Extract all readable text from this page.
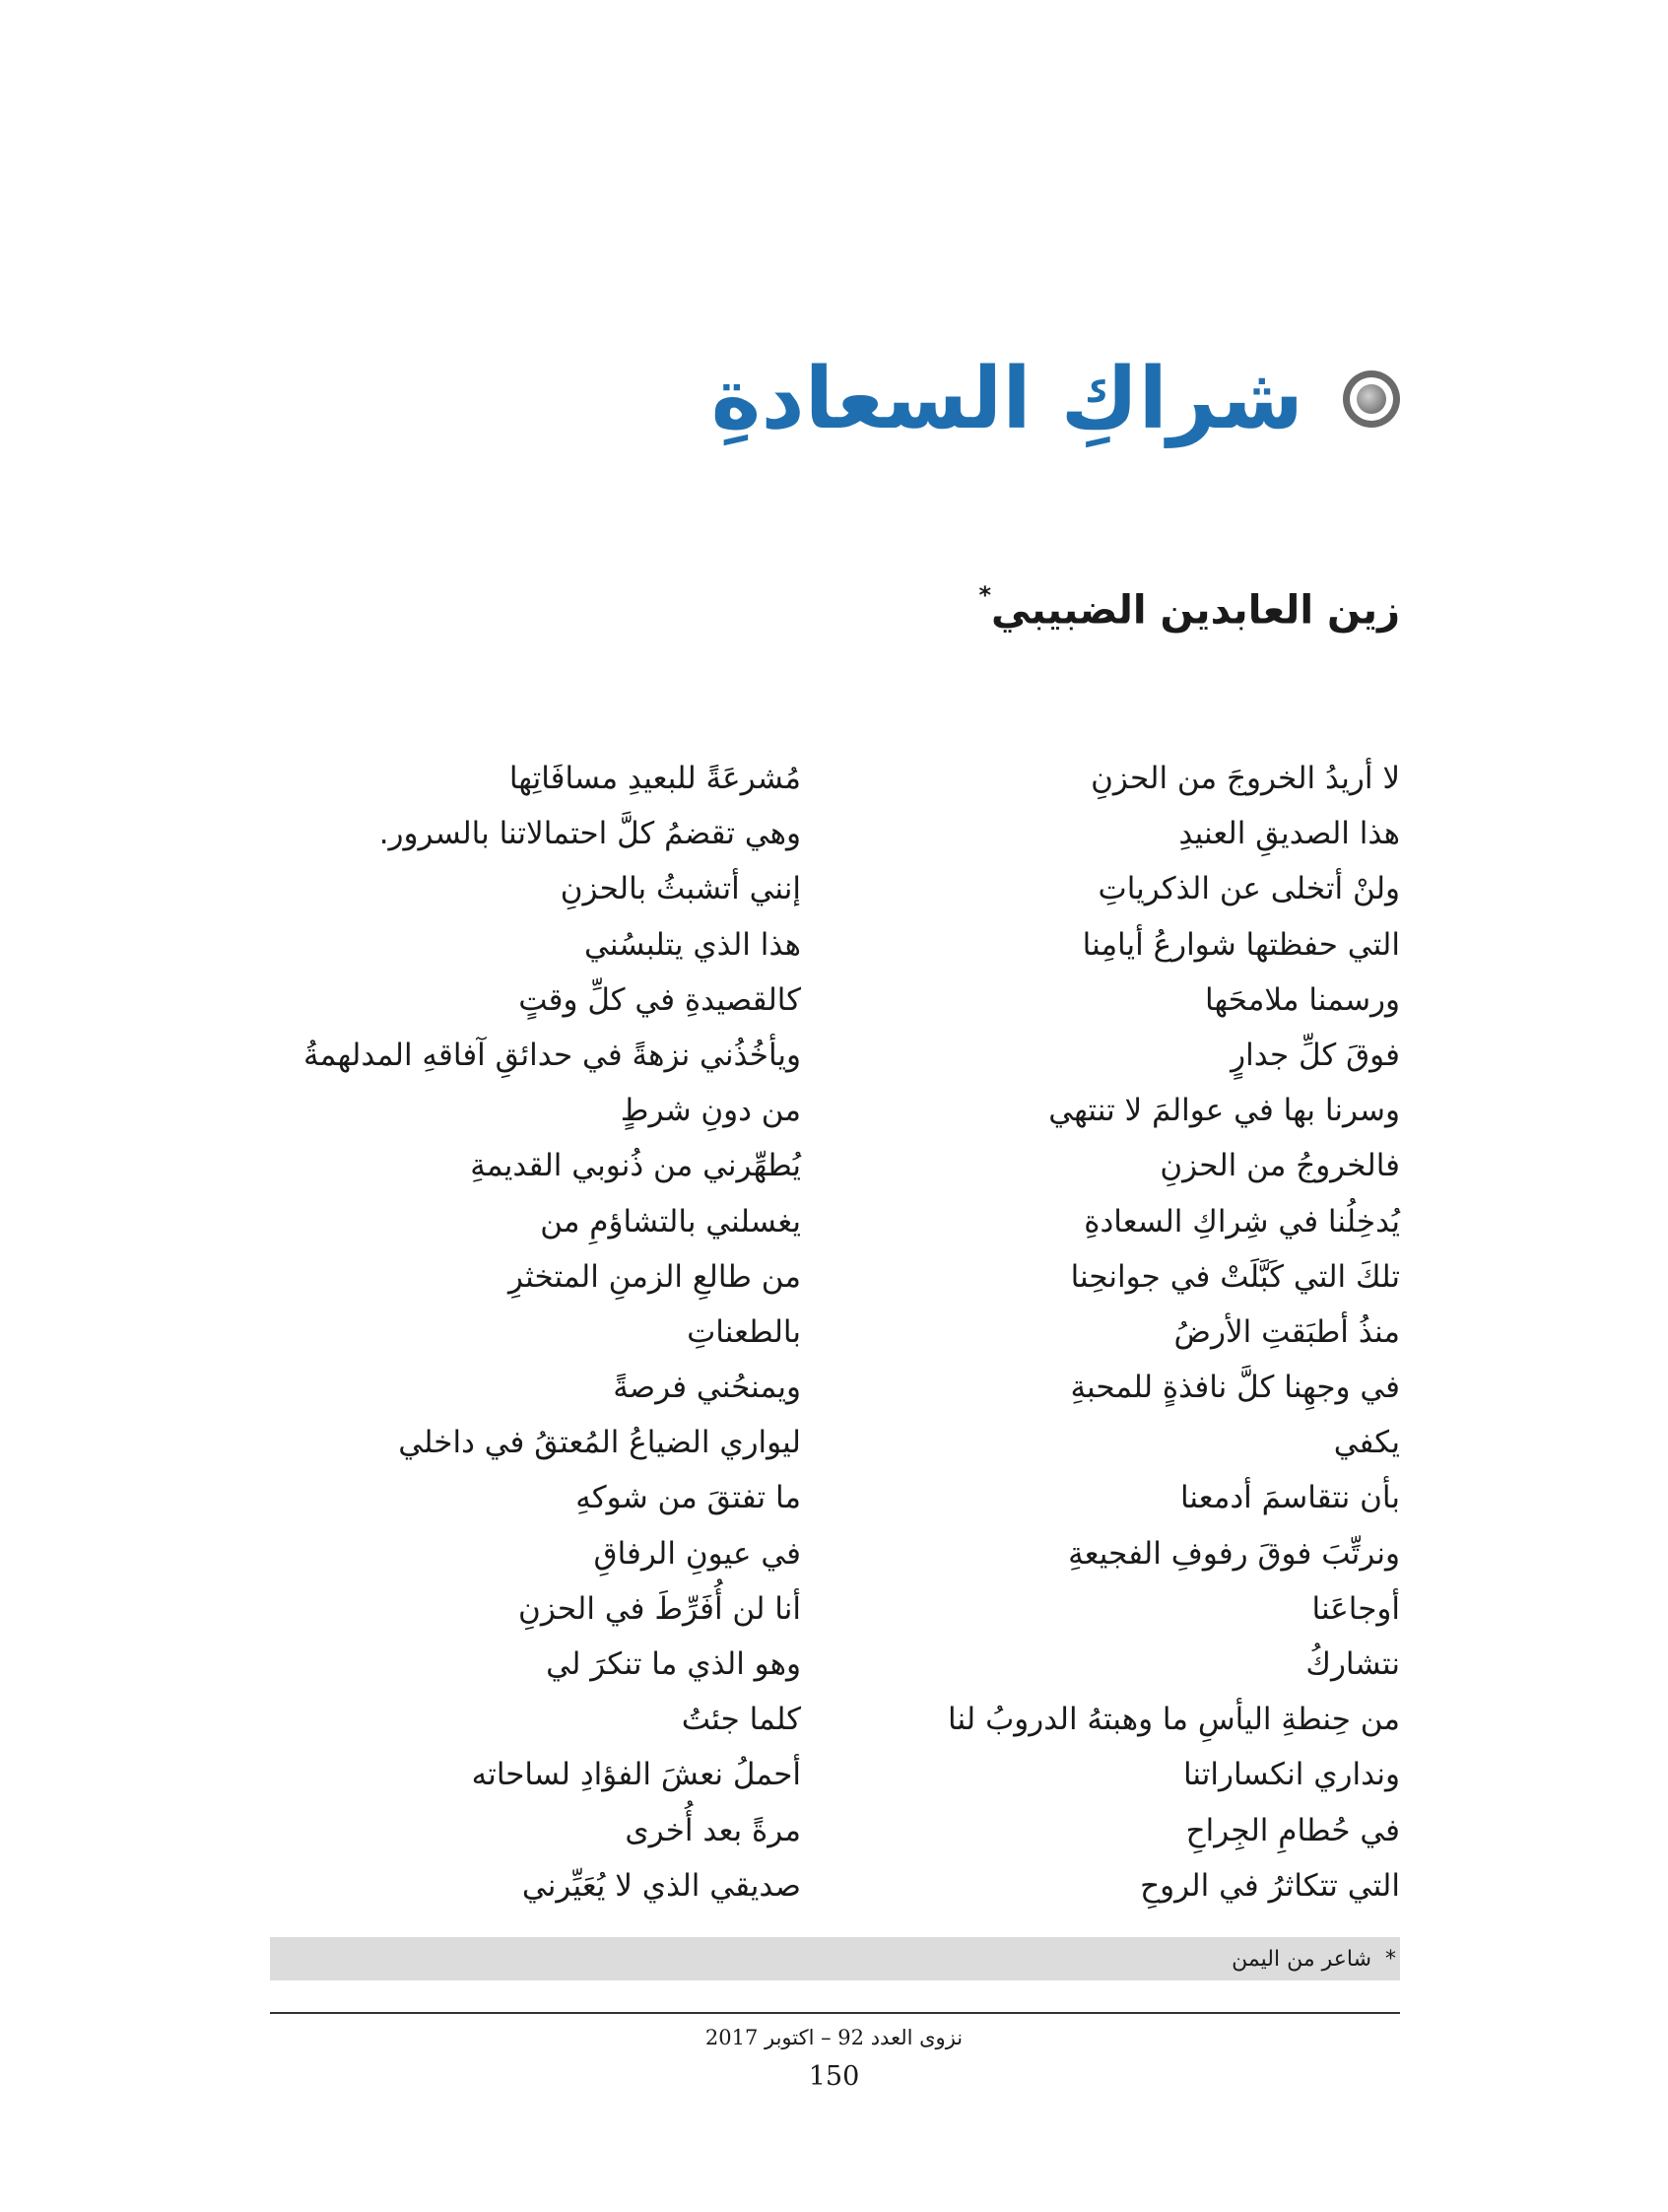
شراكِ السعادةِ

زين العابدين الضبيبي*

لا أريدُ الخروجَ من الحزنِ
هذا الصديقِ العنيدِ
ولنْ أتخلى عن الذكرياتِ
التي حفظتها شوارعُ أيامِنا
ورسمنا ملامحَها
فوقَ كلِّ جدارٍ
وسرنا بها في عوالمَ لا تنتهي
فالخروجُ من الحزنِ
يُدخِلُنا في شِراكِ السعادةِ
تلكَ التي كَبَّلَتْ في جوانحِنا
منذُ أطبَقتِ الأرضُ
في وجهِنا كلَّ نافذةٍ للمحبةِ
يكفي
بأن نتقاسمَ أدمعنا
ونرتِّبَ فوقَ رفوفِ الفجيعةِ
أوجاعَنا
نتشاركُ
من حِنطةِ اليأسِ ما وهبتهُ الدروبُ لنا
ونداري انكساراتنا
في حُطامِ الجِراحِ
التي تتكاثرُ في الروحِ
مُشرعَةً للبعيدِ مسافَاتِها
وهي تقضمُ كلَّ احتمالاتنا بالسرور.
إنني أتشبثُ بالحزنِ
هذا الذي يتلبسُني
كالقصيدةِ في كلِّ وقتٍ
ويأخُذُني نزهةً في حدائقِ آفاقهِ المدلهمةُ
من دونِ شرطٍ
يُطهِّرني من ذُنوبي القديمةِ
يغسلني بالتشاؤمِ من
من طالعِ الزمنِ المتخثرِ
بالطعناتِ
ويمنحُني فرصةً
ليواري الضياعُ المُعتقُ في داخلي
ما تفتقَ من شوكهِ
في عيونِ الرفاقِ
أنا لن أُفَرِّطَ في الحزنِ
وهو الذي ما تنكرَ لي
كلما جئتُ
أحملُ نعشَ الفؤادِ لساحاته
مرةً بعد أُخرى
صديقي الذي لا يُعَيِّرني
*
شاعر من اليمن
نزوى العدد 92 – اكتوبر 2017
150
